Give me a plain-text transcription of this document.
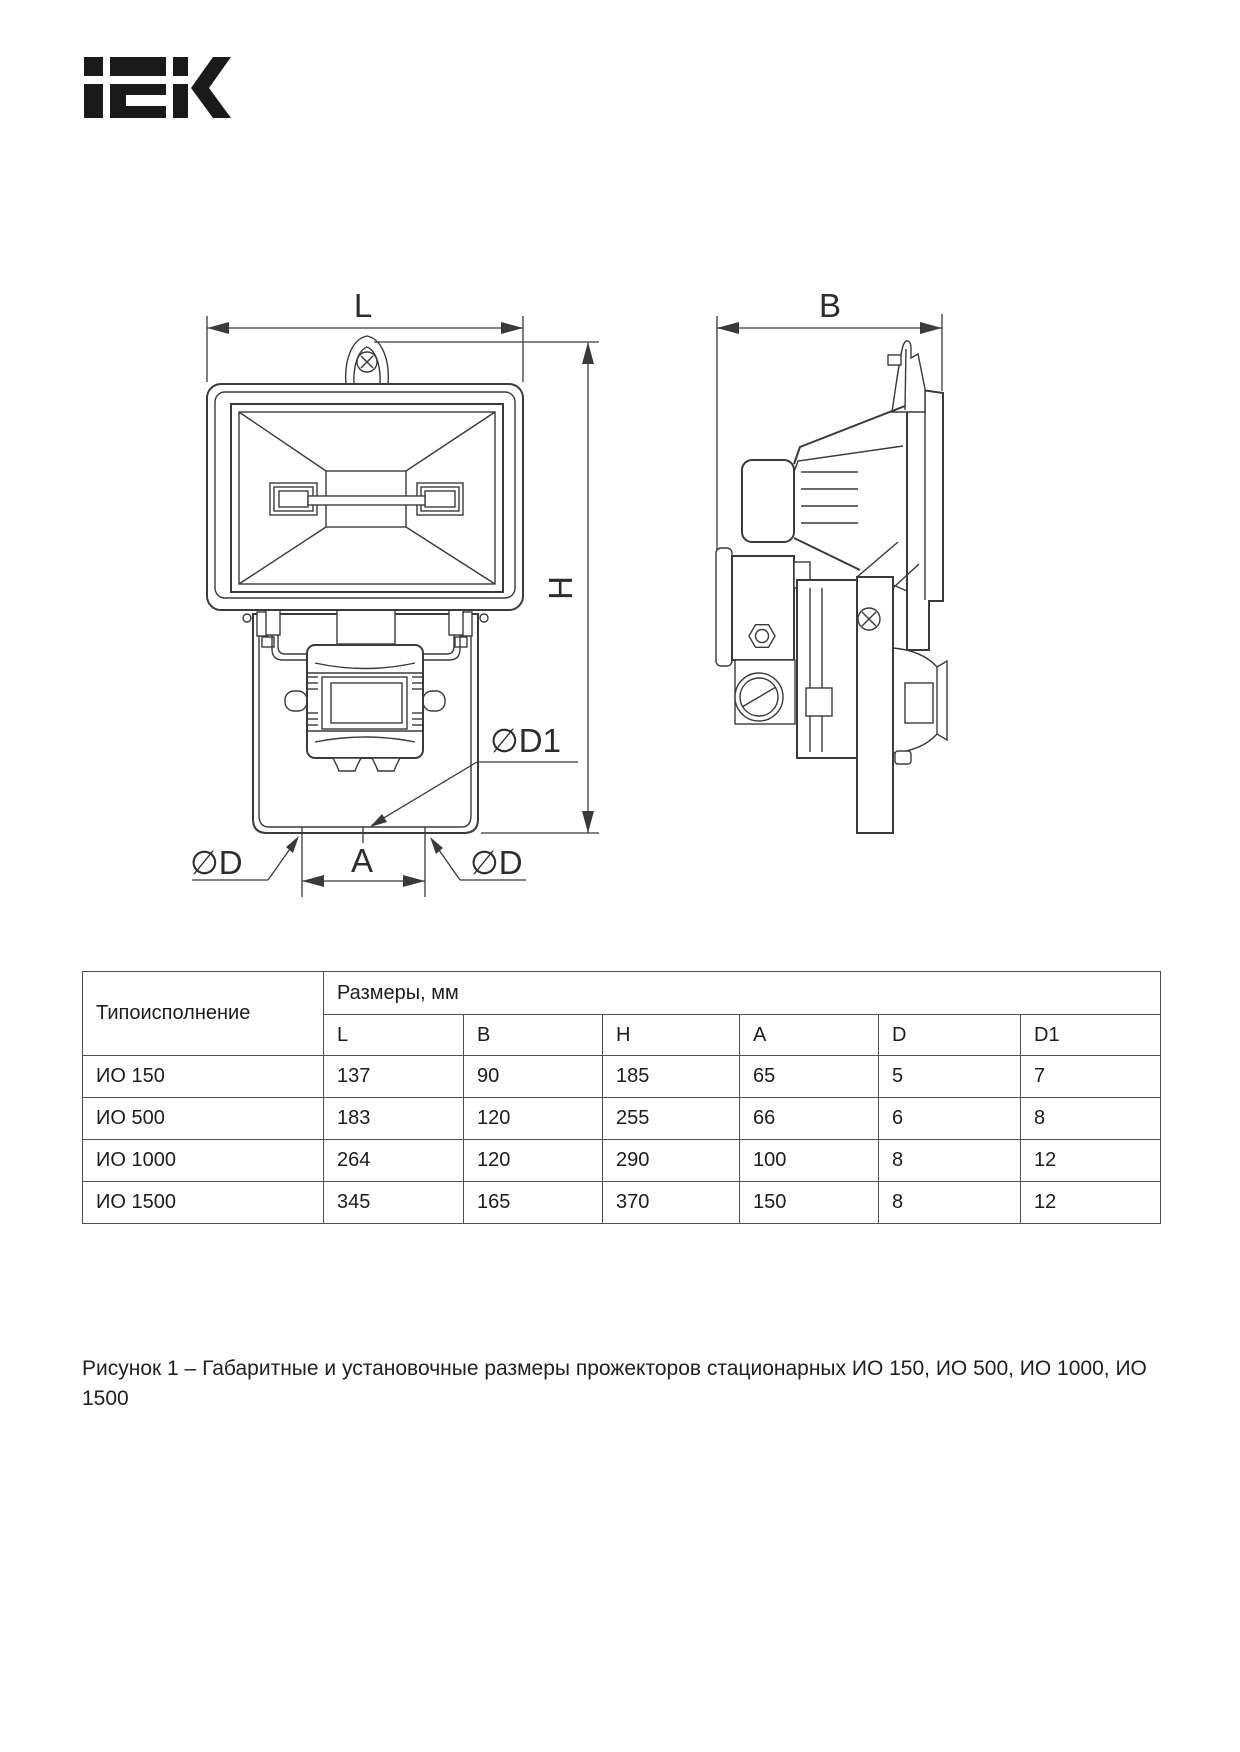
L
H
A
∅D	∅D
∅D1
B
Типоисполнение	Размеры, мм					
	L	B	H	A	D	D1
ИО 150	137	90	185	65	5	7
ИО 500	183	120	255	66	6	8
ИО 1000	264	120	290	100	8	12
ИО 1500	345	165	370	150	8	12
Рисунок 1 – Габаритные и установочные размеры прожекторов стационарных ИО 150, ИО 500, ИО 1000, ИО 1500
